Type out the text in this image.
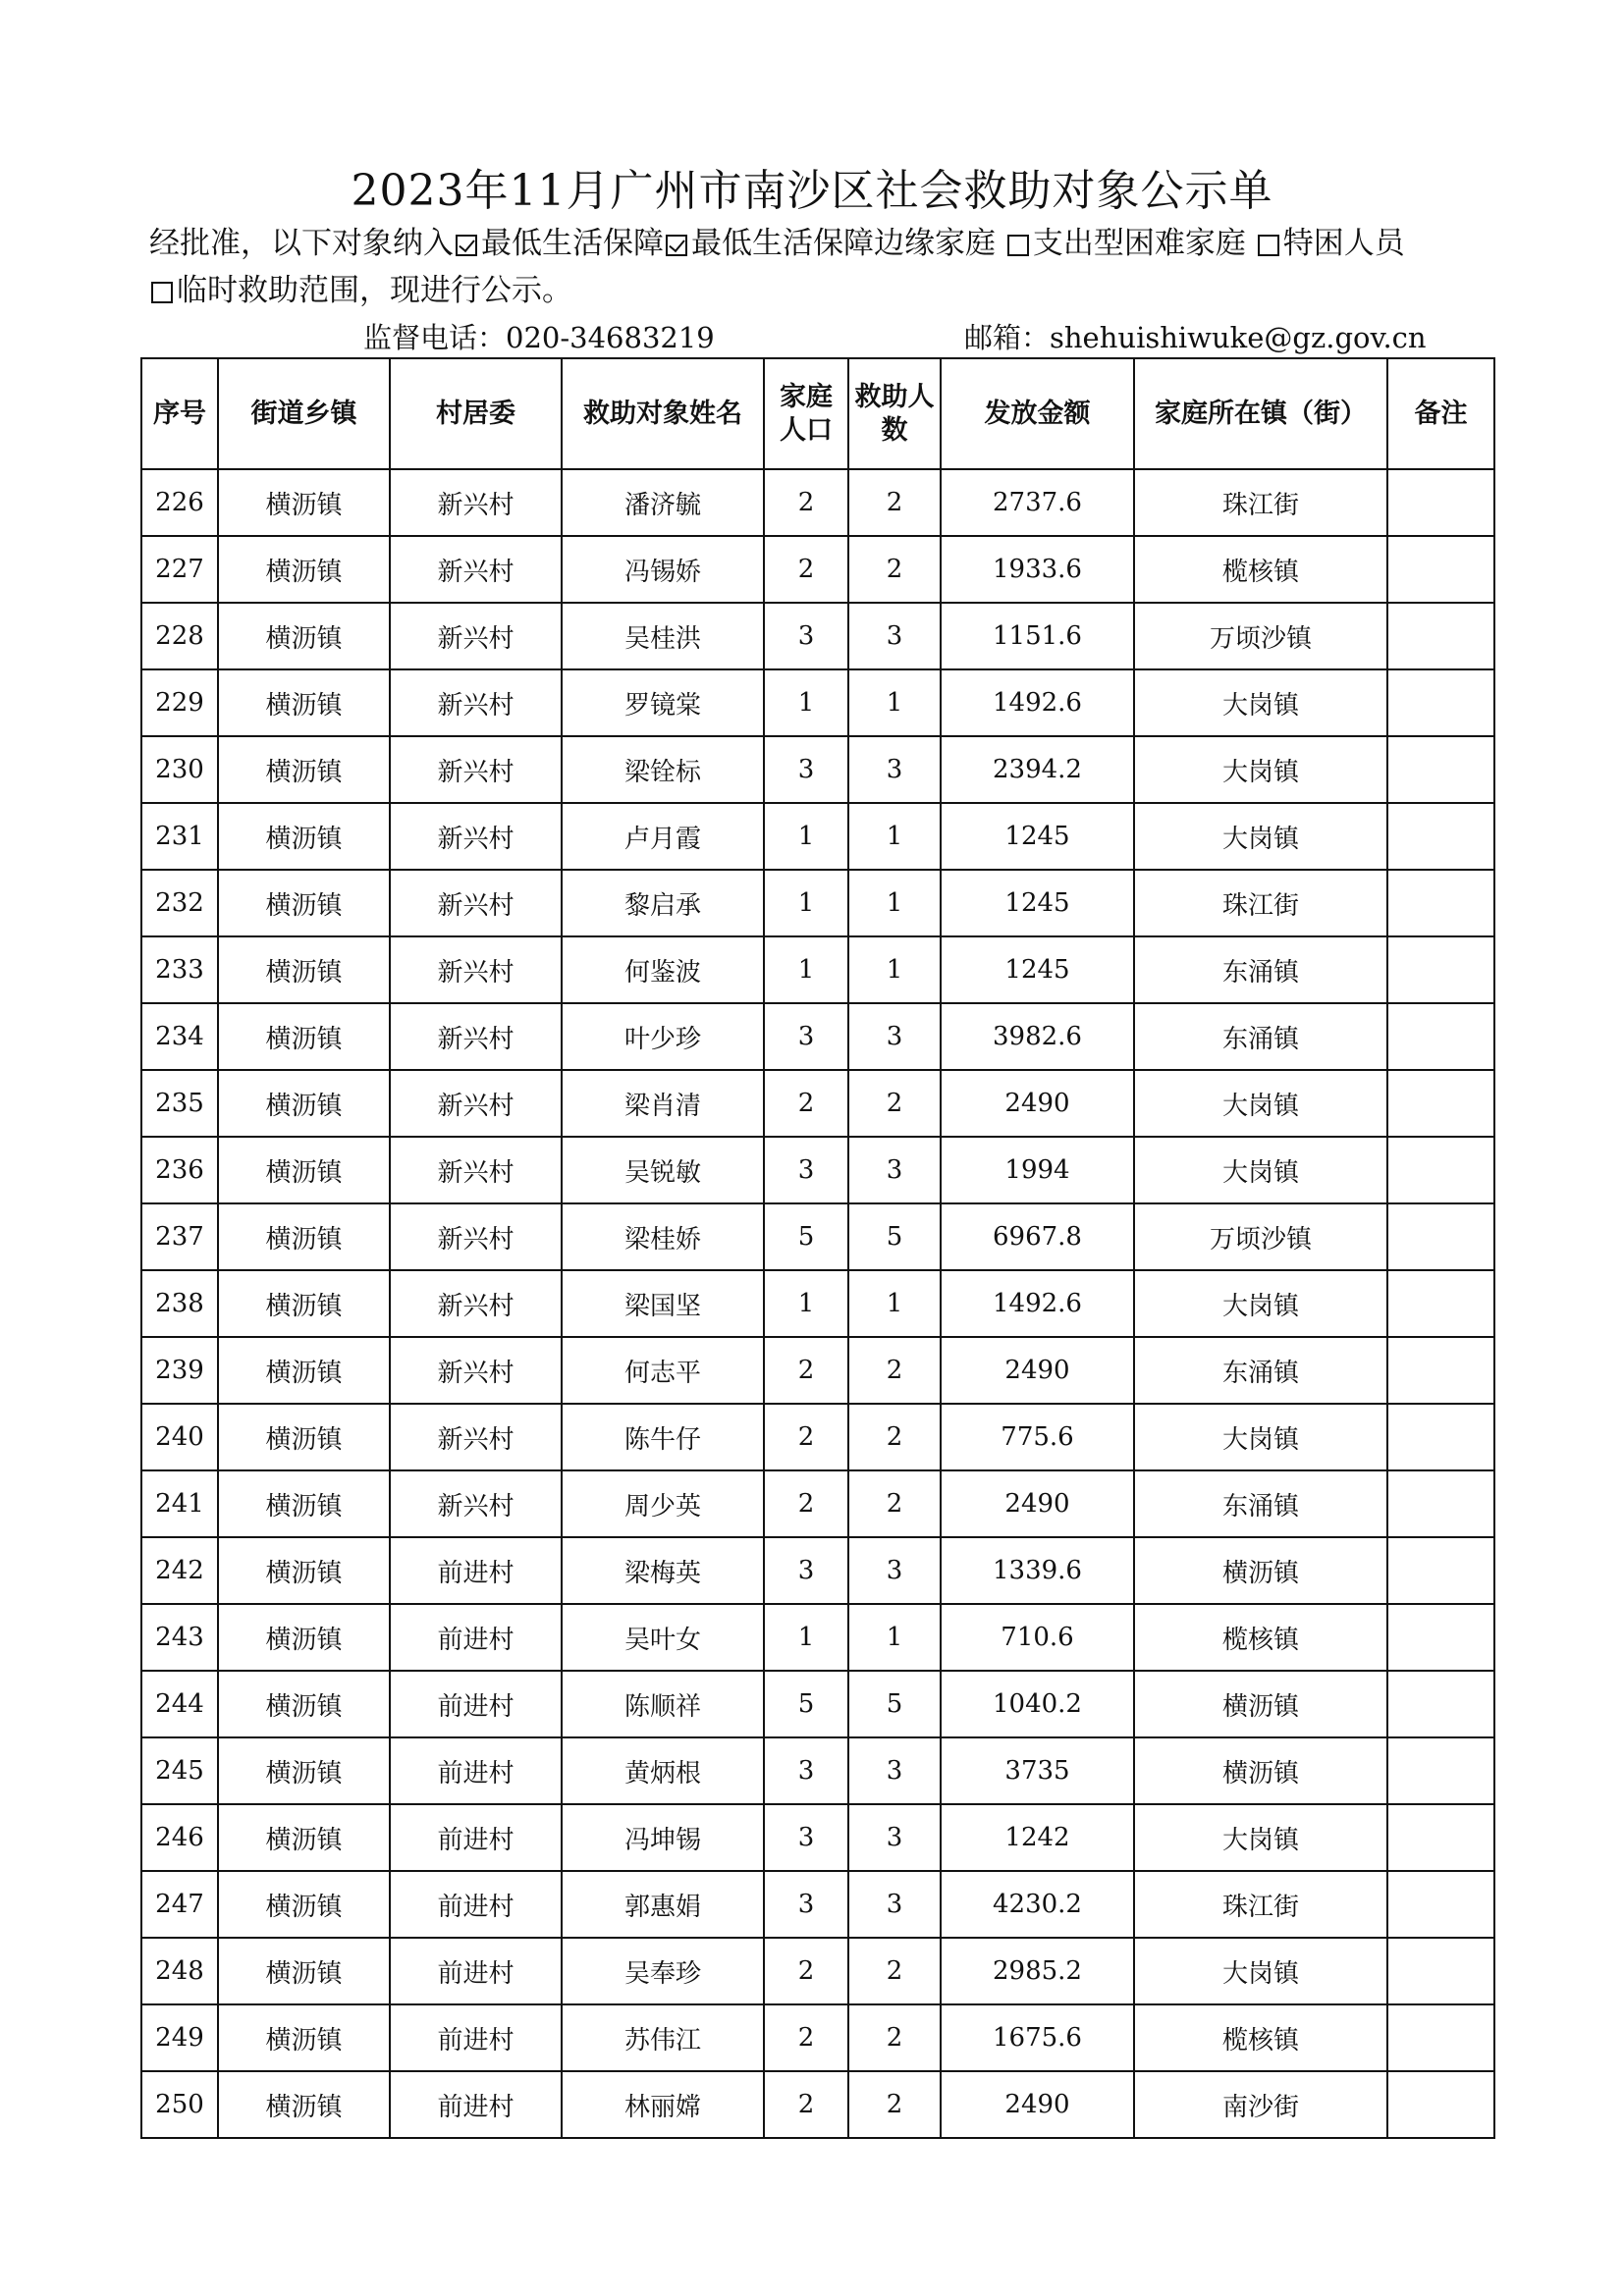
2023年11月广州市南沙区社会救助对象公示单
经批准，以下对象纳入 最低生活保障 最低生活保障边缘家庭 支出型困难家庭 特困人员
临时救助范围，现进行公示。
监督电话：020-34683219	邮箱：shehuishiwuke@gz.gov.cn
序号	街道乡镇	村居委	救助对象姓名	家庭人口	救助人数	发放金额	家庭所在镇（街）	备注
226	横沥镇	新兴村	潘济毓	2	2	2737.6	珠江街	
227	横沥镇	新兴村	冯锡娇	2	2	1933.6	榄核镇	
228	横沥镇	新兴村	吴桂洪	3	3	1151.6	万顷沙镇	
229	横沥镇	新兴村	罗镜棠	1	1	1492.6	大岗镇	
230	横沥镇	新兴村	梁铨标	3	3	2394.2	大岗镇	
231	横沥镇	新兴村	卢月霞	1	1	1245	大岗镇	
232	横沥镇	新兴村	黎启承	1	1	1245	珠江街	
233	横沥镇	新兴村	何鉴波	1	1	1245	东涌镇	
234	横沥镇	新兴村	叶少珍	3	3	3982.6	东涌镇	
235	横沥镇	新兴村	梁肖清	2	2	2490	大岗镇	
236	横沥镇	新兴村	吴锐敏	3	3	1994	大岗镇	
237	横沥镇	新兴村	梁桂娇	5	5	6967.8	万顷沙镇	
238	横沥镇	新兴村	梁国坚	1	1	1492.6	大岗镇	
239	横沥镇	新兴村	何志平	2	2	2490	东涌镇	
240	横沥镇	新兴村	陈牛仔	2	2	775.6	大岗镇	
241	横沥镇	新兴村	周少英	2	2	2490	东涌镇	
242	横沥镇	前进村	梁梅英	3	3	1339.6	横沥镇	
243	横沥镇	前进村	吴叶女	1	1	710.6	榄核镇	
244	横沥镇	前进村	陈顺祥	5	5	1040.2	横沥镇	
245	横沥镇	前进村	黄炳根	3	3	3735	横沥镇	
246	横沥镇	前进村	冯坤锡	3	3	1242	大岗镇	
247	横沥镇	前进村	郭惠娟	3	3	4230.2	珠江街	
248	横沥镇	前进村	吴奉珍	2	2	2985.2	大岗镇	
249	横沥镇	前进村	苏伟江	2	2	1675.6	榄核镇	
250	横沥镇	前进村	林丽嫦	2	2	2490	南沙街	
